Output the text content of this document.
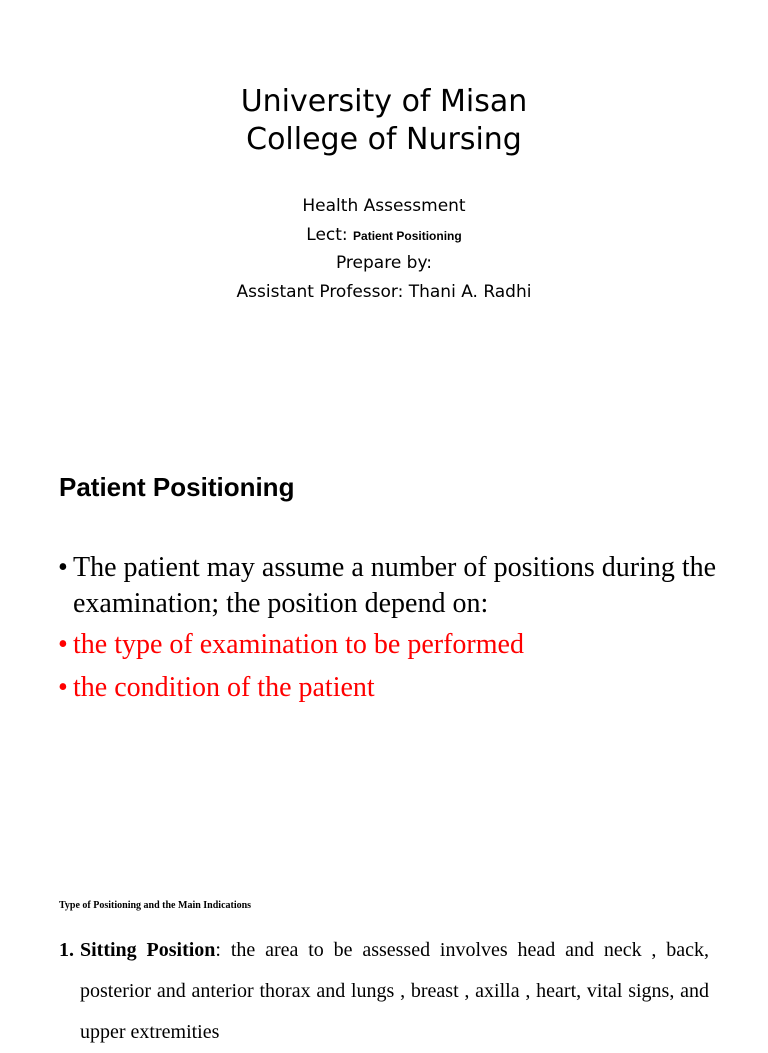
University of Misan
College of Nursing
Health Assessment
Lect: Patient Positioning
Prepare by:
Assistant Professor: Thani A. Radhi
Patient Positioning
• The patient may assume a number of positions during the examination; the position depend on:
• the type of examination to be performed
• the condition of the patient
Type of Positioning and the Main Indications
1. Sitting Position: the area to be assessed involves head and neck , back, posterior and anterior thorax and lungs , breast , axilla , heart, vital signs, and upper extremities
